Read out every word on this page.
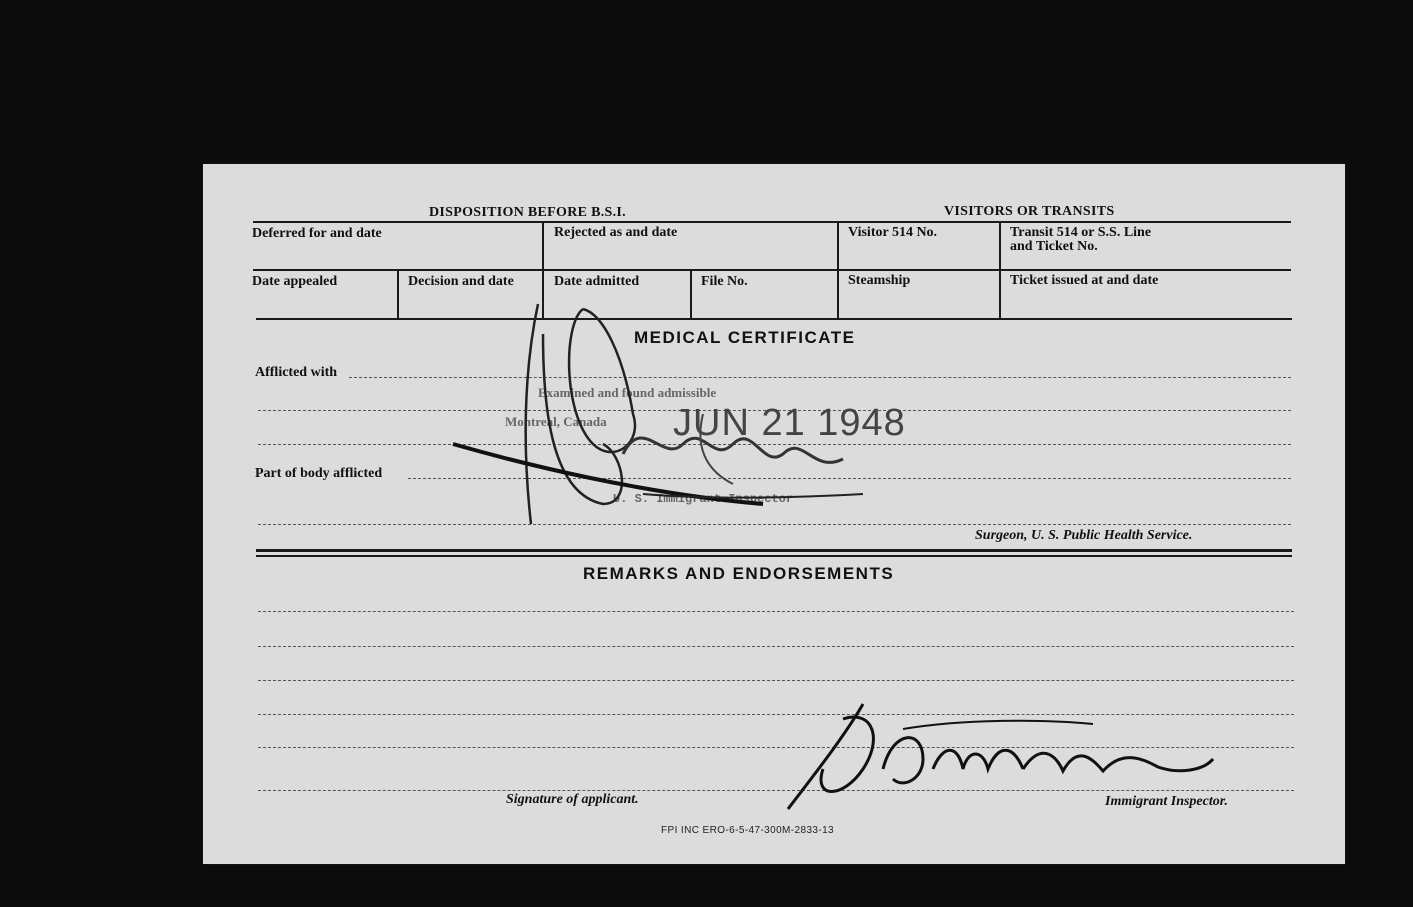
DISPOSITION BEFORE B.S.I.	VISITORS OR TRANSITS
Deferred for and date	Rejected as and date	Visitor 514 No.	Transit 514 or S.S. Line
and Ticket No.
Date appealed	Decision and date	Date admitted	File No.	Steamship	Ticket issued at and date
MEDICAL CERTIFICATE
Afflicted with
Part of body afflicted
Surgeon, U. S. Public Health Service.
Examined and found admissible
Montreal, Canada JUN 21 1948
U. S. Immigrant Inspector
REMARKS AND ENDORSEMENTS
Signature of applicant.	Immigrant Inspector.
FPI INC ERO-6-5-47-300M-2833-13
